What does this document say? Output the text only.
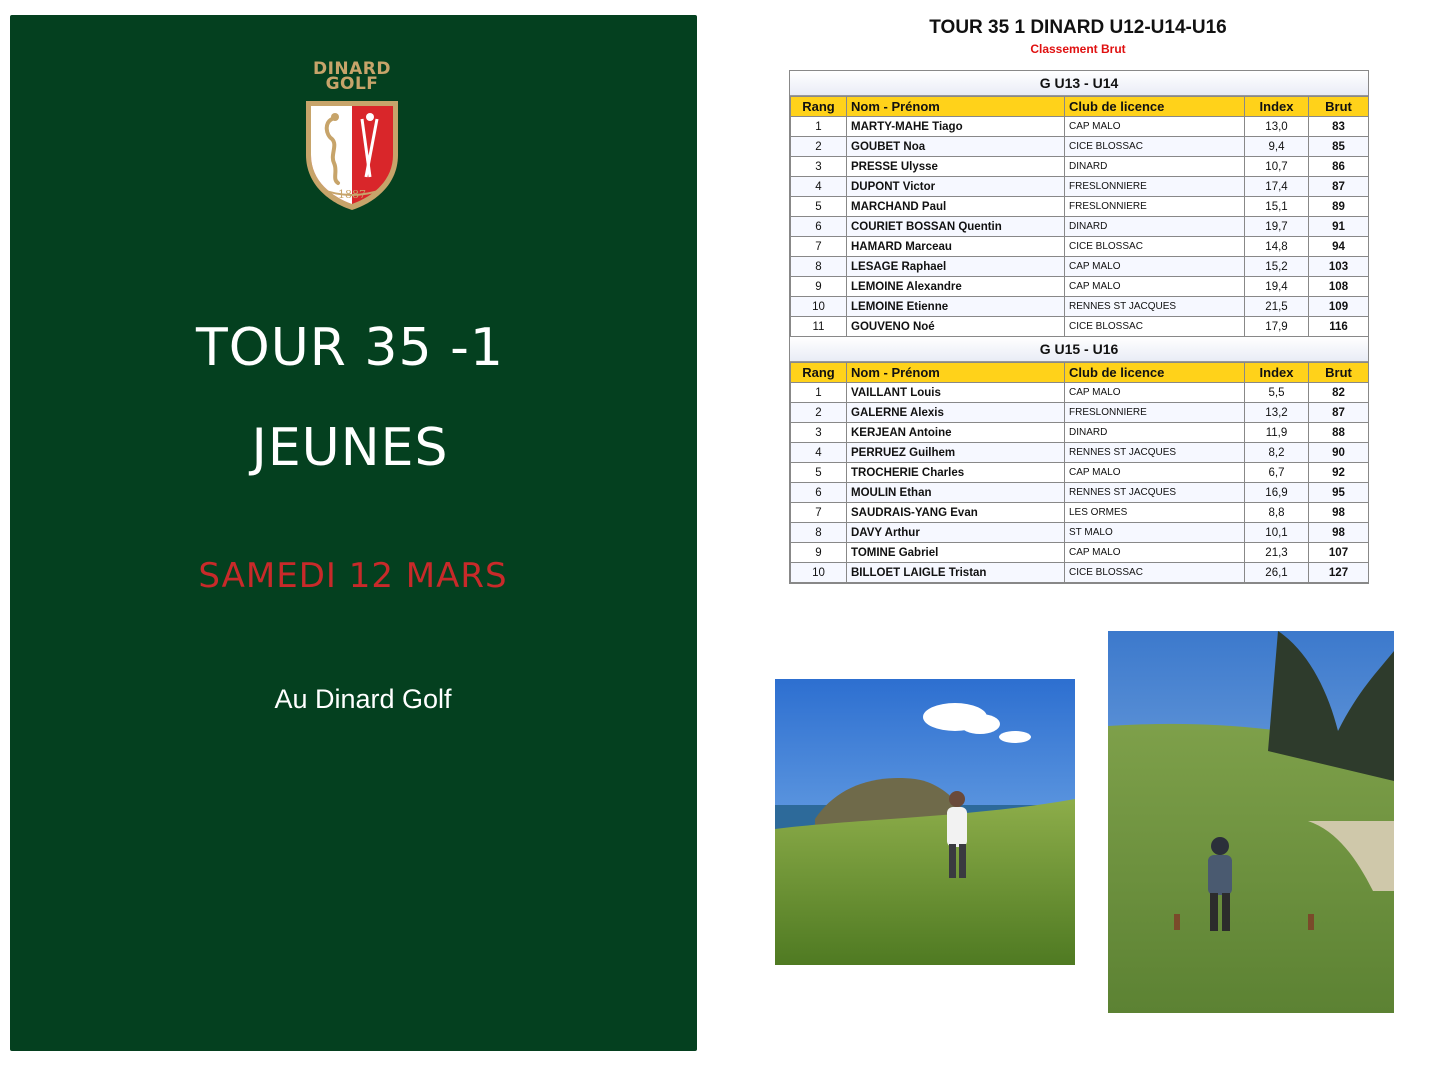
DINARD
GOLF
1887
TOUR 35 -1
JEUNES
SAMEDI 12 MARS
Au Dinard Golf
TOUR 35 1 DINARD U12-U14-U16
Classement Brut
G U13 - U14
Rang	Nom - Prénom	Club de licence	Index	Brut
1	MARTY-MAHE Tiago	CAP MALO	13,0	83
2	GOUBET Noa	CICE BLOSSAC	9,4	85
3	PRESSE Ulysse	DINARD	10,7	86
4	DUPONT Victor	FRESLONNIERE	17,4	87
5	MARCHAND Paul	FRESLONNIERE	15,1	89
6	COURIET BOSSAN Quentin	DINARD	19,7	91
7	HAMARD Marceau	CICE BLOSSAC	14,8	94
8	LESAGE Raphael	CAP MALO	15,2	103
9	LEMOINE Alexandre	CAP MALO	19,4	108
10	LEMOINE Etienne	RENNES ST JACQUES	21,5	109
11	GOUVENO Noé	CICE BLOSSAC	17,9	116
G U15 - U16
Rang	Nom - Prénom	Club de licence	Index	Brut
1	VAILLANT Louis	CAP MALO	5,5	82
2	GALERNE Alexis	FRESLONNIERE	13,2	87
3	KERJEAN Antoine	DINARD	11,9	88
4	PERRUEZ Guilhem	RENNES ST JACQUES	8,2	90
5	TROCHERIE Charles	CAP MALO	6,7	92
6	MOULIN Ethan	RENNES ST JACQUES	16,9	95
7	SAUDRAIS-YANG Evan	LES ORMES	8,8	98
8	DAVY Arthur	ST MALO	10,1	98
9	TOMINE Gabriel	CAP MALO	21,3	107
10	BILLOET LAIGLE Tristan	CICE BLOSSAC	26,1	127
